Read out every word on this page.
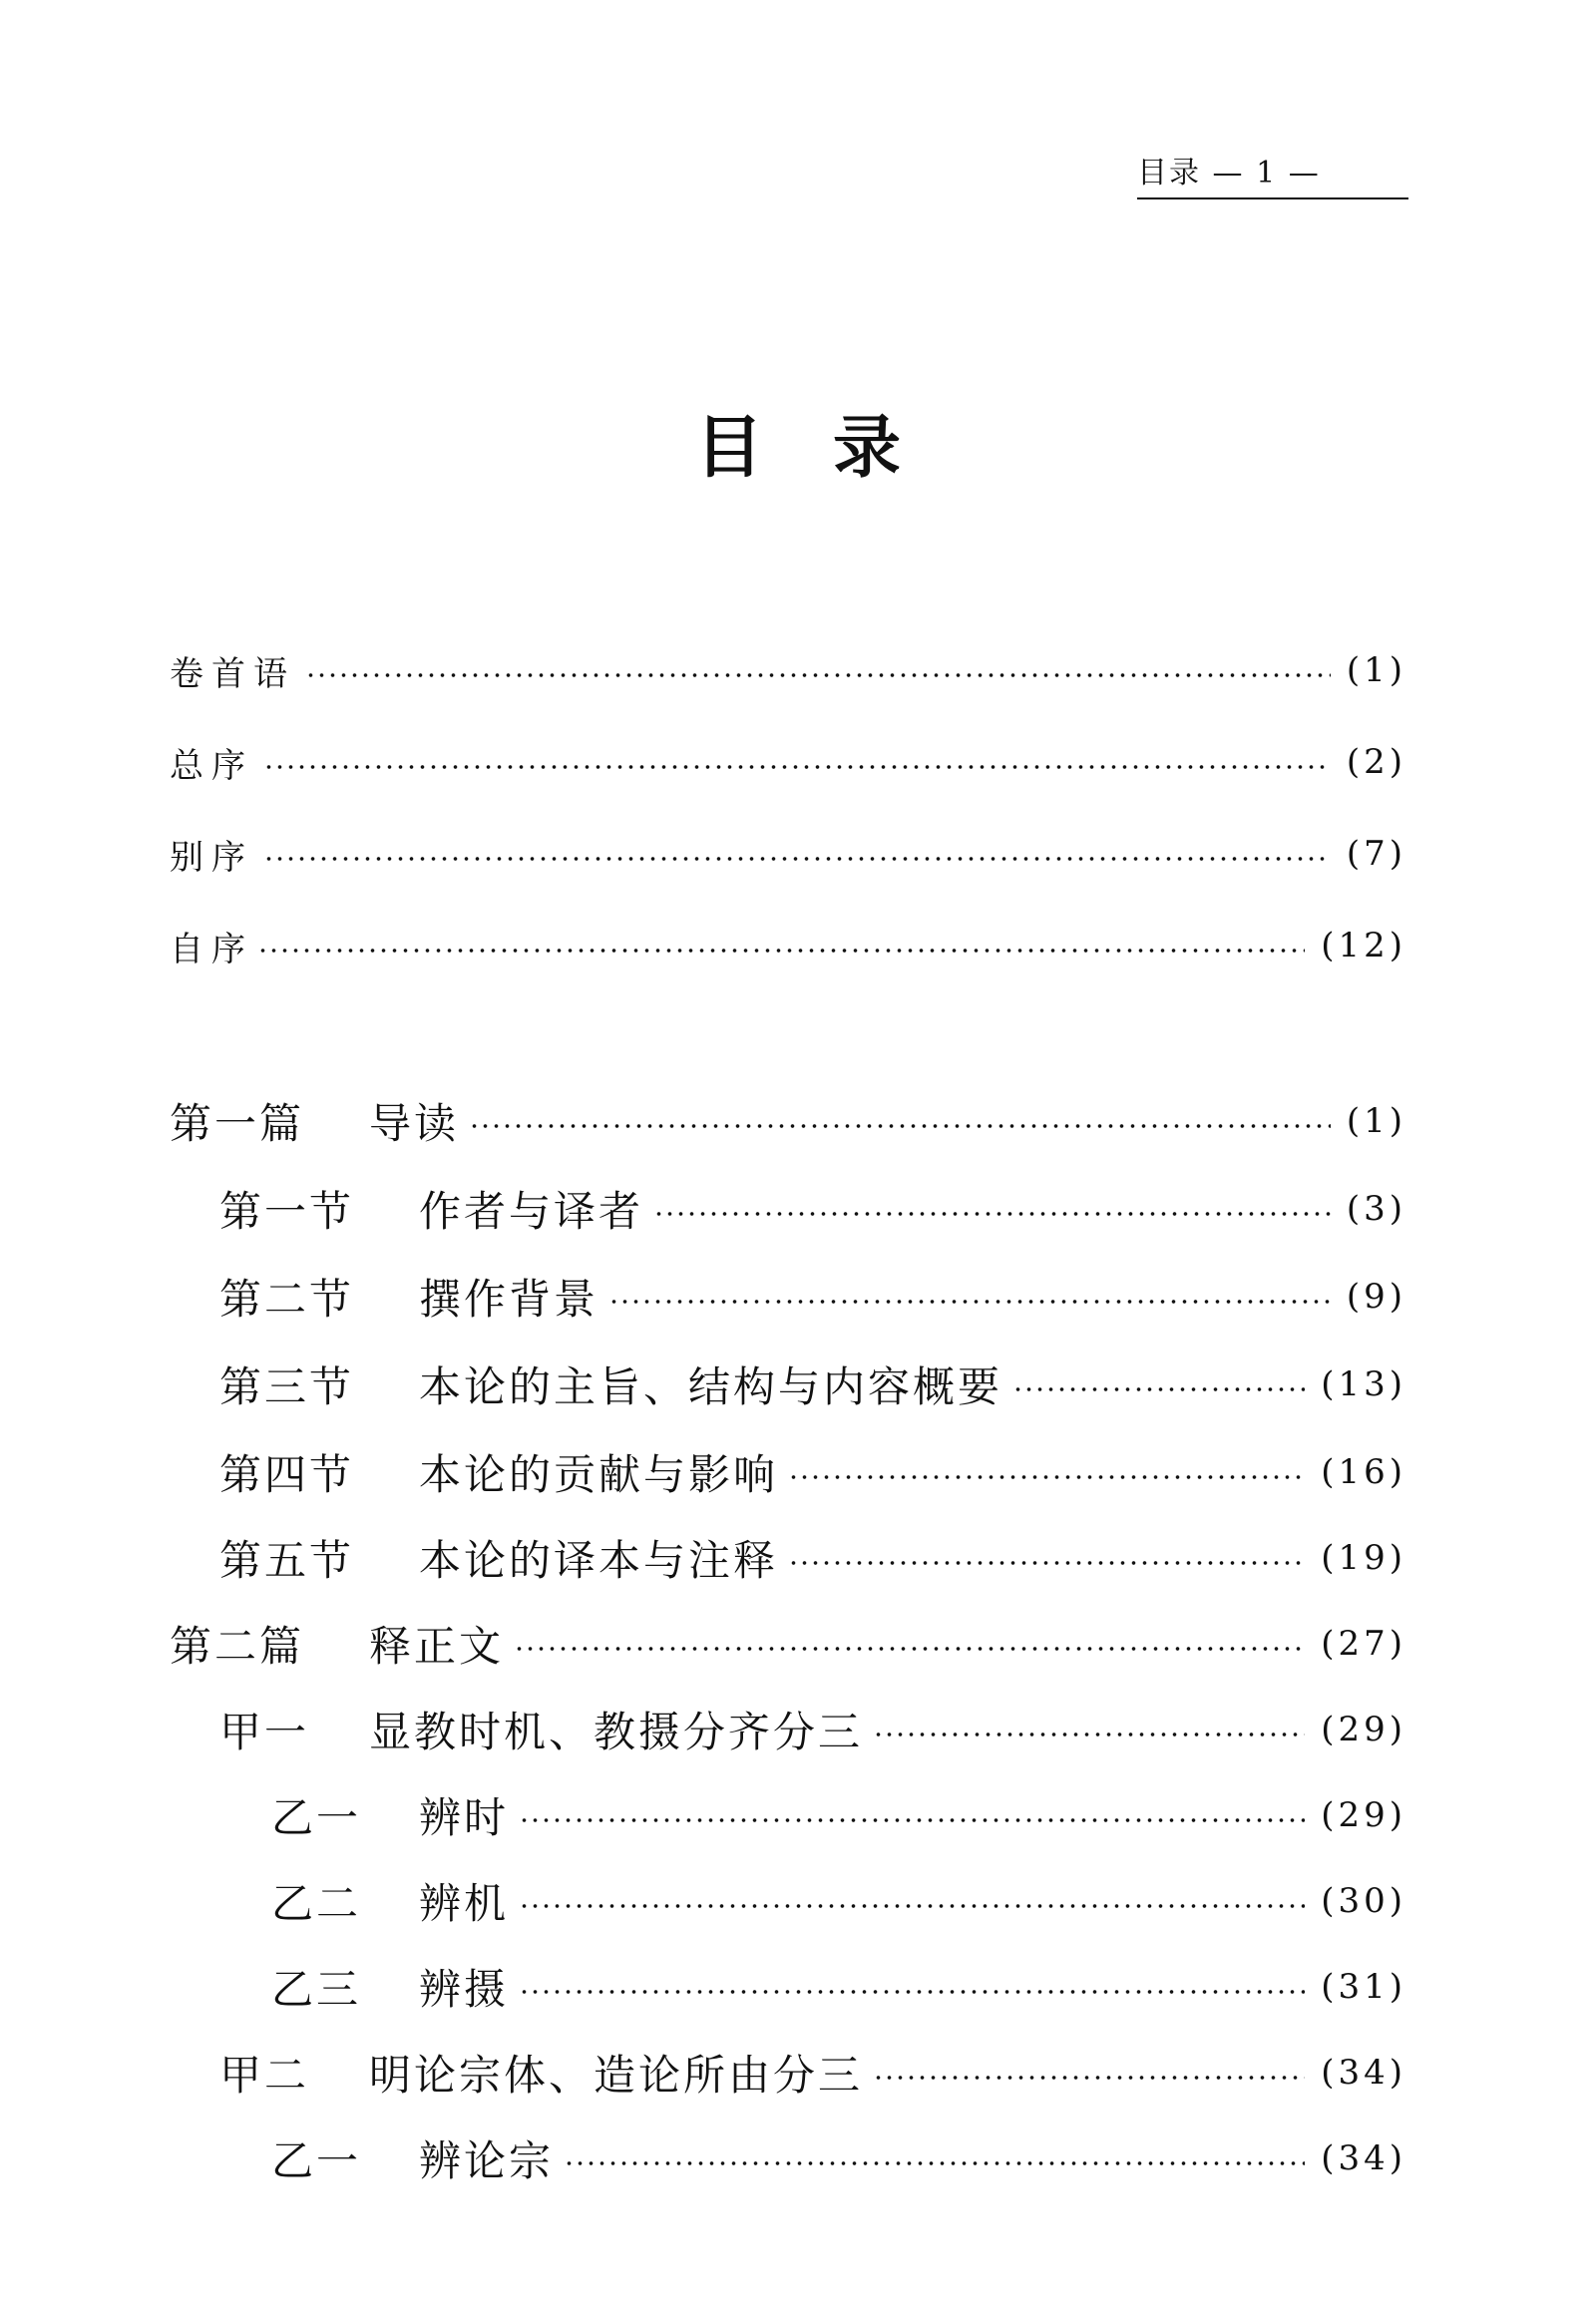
目录 — 1 —
目录
卷首语	(1)
总序	(2)
别序	(7)
自序	(12)
第一篇 导读	(1)
第一节 作者与译者	(3)
第二节 撰作背景	(9)
第三节 本论的主旨、结构与内容概要	(13)
第四节 本论的贡献与影响	(16)
第五节 本论的译本与注释	(19)
第二篇 释正文	(27)
甲一 显教时机、教摄分齐分三	(29)
乙一 辨时	(29)
乙二 辨机	(30)
乙三 辨摄	(31)
甲二 明论宗体、造论所由分三	(34)
乙一 辨论宗	(34)
